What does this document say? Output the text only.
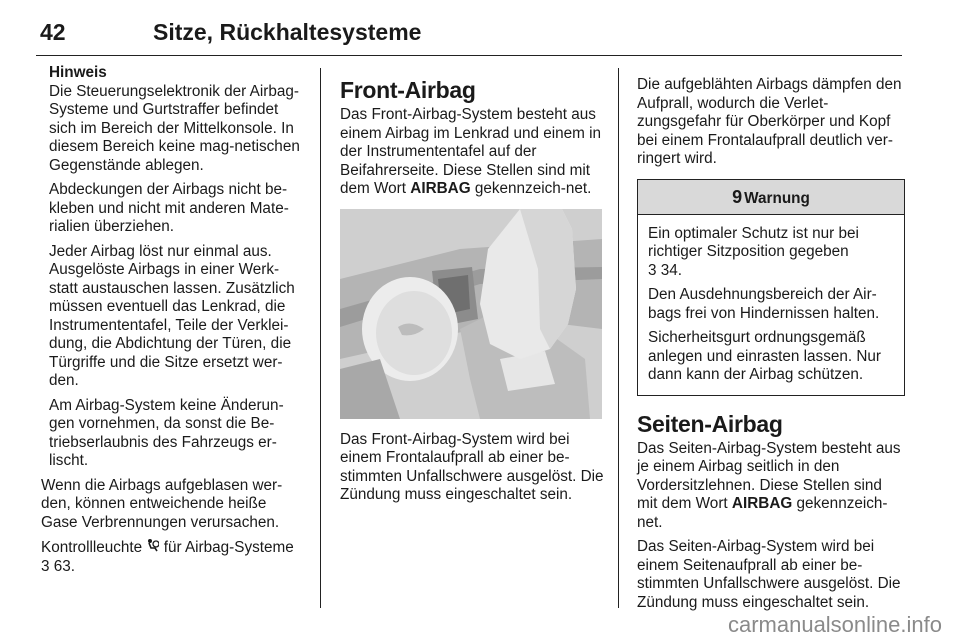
42	Sitze, Rückhaltesysteme
Hinweis

Die Steuerungselektronik der Airbag-Systeme und Gurtstraffer befindet sich im Bereich der Mittelkonsole. In diesem Bereich keine mag-netischen Gegenstände ablegen.

Abdeckungen der Airbags nicht be-kleben und nicht mit anderen Mate-rialien überziehen.

Jeder Airbag löst nur einmal aus. Ausgelöste Airbags in einer Werk-statt austauschen lassen. Zusätzlich müssen eventuell das Lenkrad, die Instrumententafel, Teile der Verklei-dung, die Abdichtung der Türen, die Türgriffe und die Sitze ersetzt wer-den.

Am Airbag-System keine Änderun-gen vornehmen, da sonst die Be-triebserlaubnis des Fahrzeugs er-lischt.

Wenn die Airbags aufgeblasen wer-den, können entweichende heiße Gase Verbrennungen verursachen.

Kontrollleuchte  für Airbag-Systeme
3 63.

Front-Airbag

Das Front-Airbag-System besteht aus einem Airbag im Lenkrad und einem in der Instrumententafel auf der Beifahrerseite. Diese Stellen sind mit dem Wort AIRBAG gekennzeich-net.

Das Front-Airbag-System wird bei einem Frontalaufprall ab einer be-stimmten Unfallschwere ausgelöst. Die Zündung muss eingeschaltet sein.

Die aufgeblähten Airbags dämpfen den Aufprall, wodurch die Verlet-zungsgefahr für Oberkörper und Kopf bei einem Frontalaufprall deutlich ver-ringert wird.

9 Warnung

Ein optimaler Schutz ist nur bei richtiger Sitzposition gegeben
3 34.

Den Ausdehnungsbereich der Air-bags frei von Hindernissen halten.

Sicherheitsgurt ordnungsgemäß anlegen und einrasten lassen. Nur dann kann der Airbag schützen.

Seiten-Airbag

Das Seiten-Airbag-System besteht aus je einem Airbag seitlich in den Vordersitzlehnen. Diese Stellen sind mit dem Wort AIRBAG gekennzeich-net.

Das Seiten-Airbag-System wird bei einem Seitenaufprall ab einer be-stimmten Unfallschwere ausgelöst. Die Zündung muss eingeschaltet sein.

carmanualsonline.info
